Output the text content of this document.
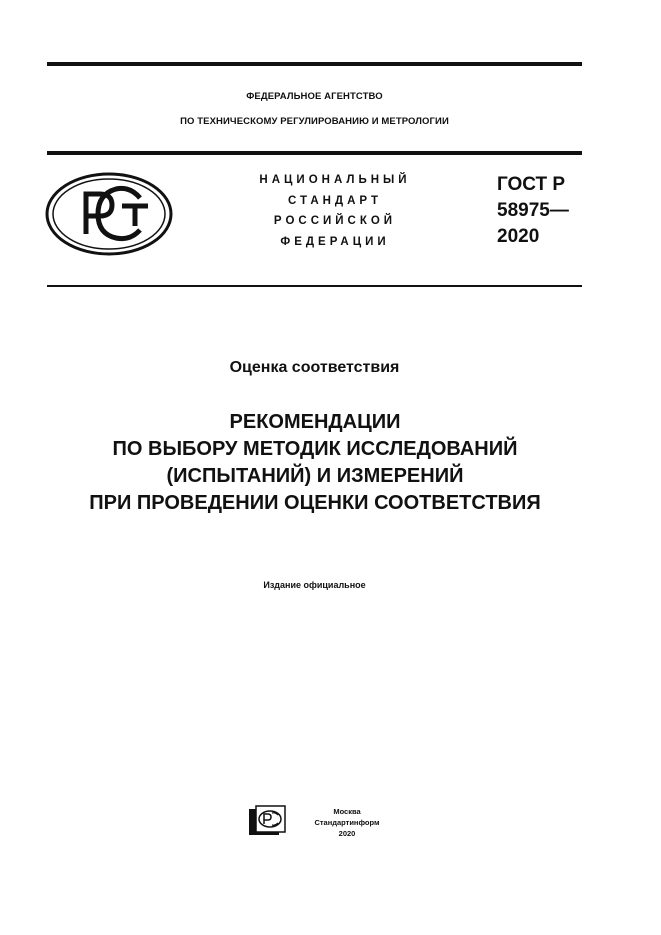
ФЕДЕРАЛЬНОЕ АГЕНТСТВО
ПО ТЕХНИЧЕСКОМУ РЕГУЛИРОВАНИЮ И МЕТРОЛОГИИ
НАЦИОНАЛЬНЫЙ
СТАНДАРТ
РОССИЙСКОЙ
ФЕДЕРАЦИИ
ГОСТ Р
58975—
2020
Оценка соответствия
РЕКОМЕНДАЦИИ
ПО ВЫБОРУ МЕТОДИК ИССЛЕДОВАНИЙ
(ИСПЫТАНИЙ) И ИЗМЕРЕНИЙ
ПРИ ПРОВЕДЕНИИ ОЦЕНКИ СООТВЕТСТВИЯ
Издание официальное
Москва
Стандартинформ
2020
